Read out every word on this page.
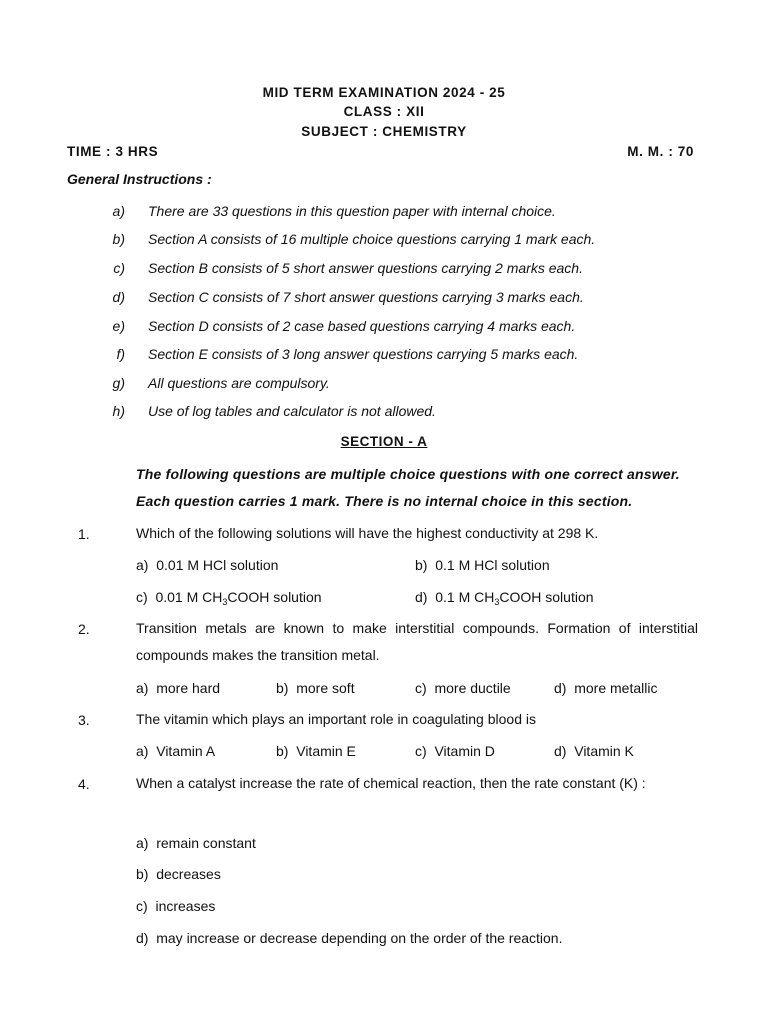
MID TERM EXAMINATION 2024 - 25
CLASS : XII
SUBJECT : CHEMISTRY
TIME : 3 HRS	M. M. : 70
General Instructions :
a) There are 33 questions in this question paper with internal choice.
b) Section A consists of 16 multiple choice questions carrying 1 mark each.
c) Section B consists of 5 short answer questions carrying 2 marks each.
d) Section C consists of 7 short answer questions carrying 3 marks each.
e) Section D consists of 2 case based questions carrying 4 marks each.
f) Section E consists of 3 long answer questions carrying 5 marks each.
g) All questions are compulsory.
h) Use of log tables and calculator is not allowed.
SECTION - A
The following questions are multiple choice questions with one correct answer.
Each question carries 1 mark. There is no internal choice in this section.
1.	Which of the following solutions will have the highest conductivity at 298 K.
a) 0.01 M HCl solution	b) 0.1 M HCl solution
c) 0.01 M $CH_3COOH$ solution	d) 0.1 M $CH_3COOH$ solution
2.	Transition metals are known to make interstitial compounds. Formation of interstitial compounds makes the transition metal.
a) more hard	b) more soft	c) more ductile	d) more metallic
3.	The vitamin which plays an important role in coagulating blood is
a) Vitamin A	b) Vitamin E	c) Vitamin D	d) Vitamin K
4.	When a catalyst increase the rate of chemical reaction, then the rate constant (K) :
a) remain constant
b) decreases
c) increases
d) may increase or decrease depending on the order of the reaction.
